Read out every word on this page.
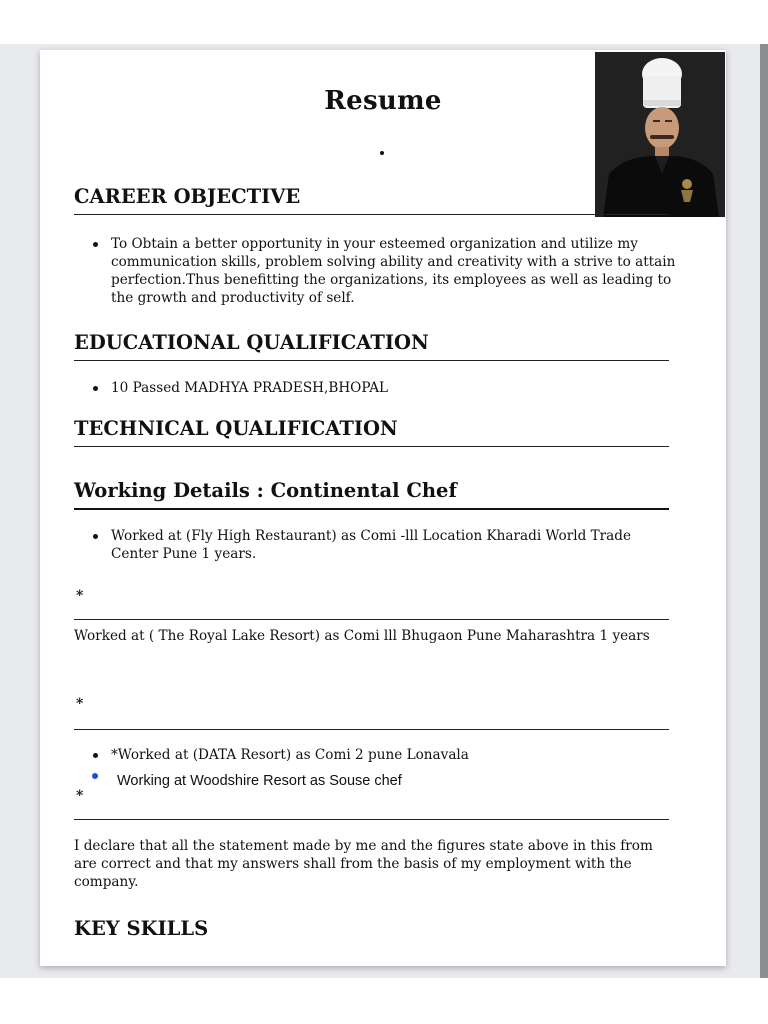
Resume
CAREER OBJECTIVE
To Obtain a better opportunity in your esteemed organization and utilize my communication skills, problem solving ability and creativity with a strive to attain perfection.Thus benefitting the organizations, its employees as well as leading to the growth and productivity of self.
EDUCATIONAL QUALIFICATION
10 Passed MADHYA PRADESH,BHOPAL
TECHNICAL QUALIFICATION
Working Details : Continental Chef
Worked at (Fly High Restaurant) as Comi -lll Location Kharadi World Trade Center Pune 1 years.
*
Worked at ( The Royal Lake Resort) as Comi lll Bhugaon Pune Maharashtra 1 years
*
*Worked at (DATA Resort) as Comi 2 pune Lonavala
Working at Woodshire Resort as Souse chef
*
I declare that all the statement made by me and the figures state above in this from are correct and that my answers shall from the basis of my employment with the company.
KEY SKILLS
